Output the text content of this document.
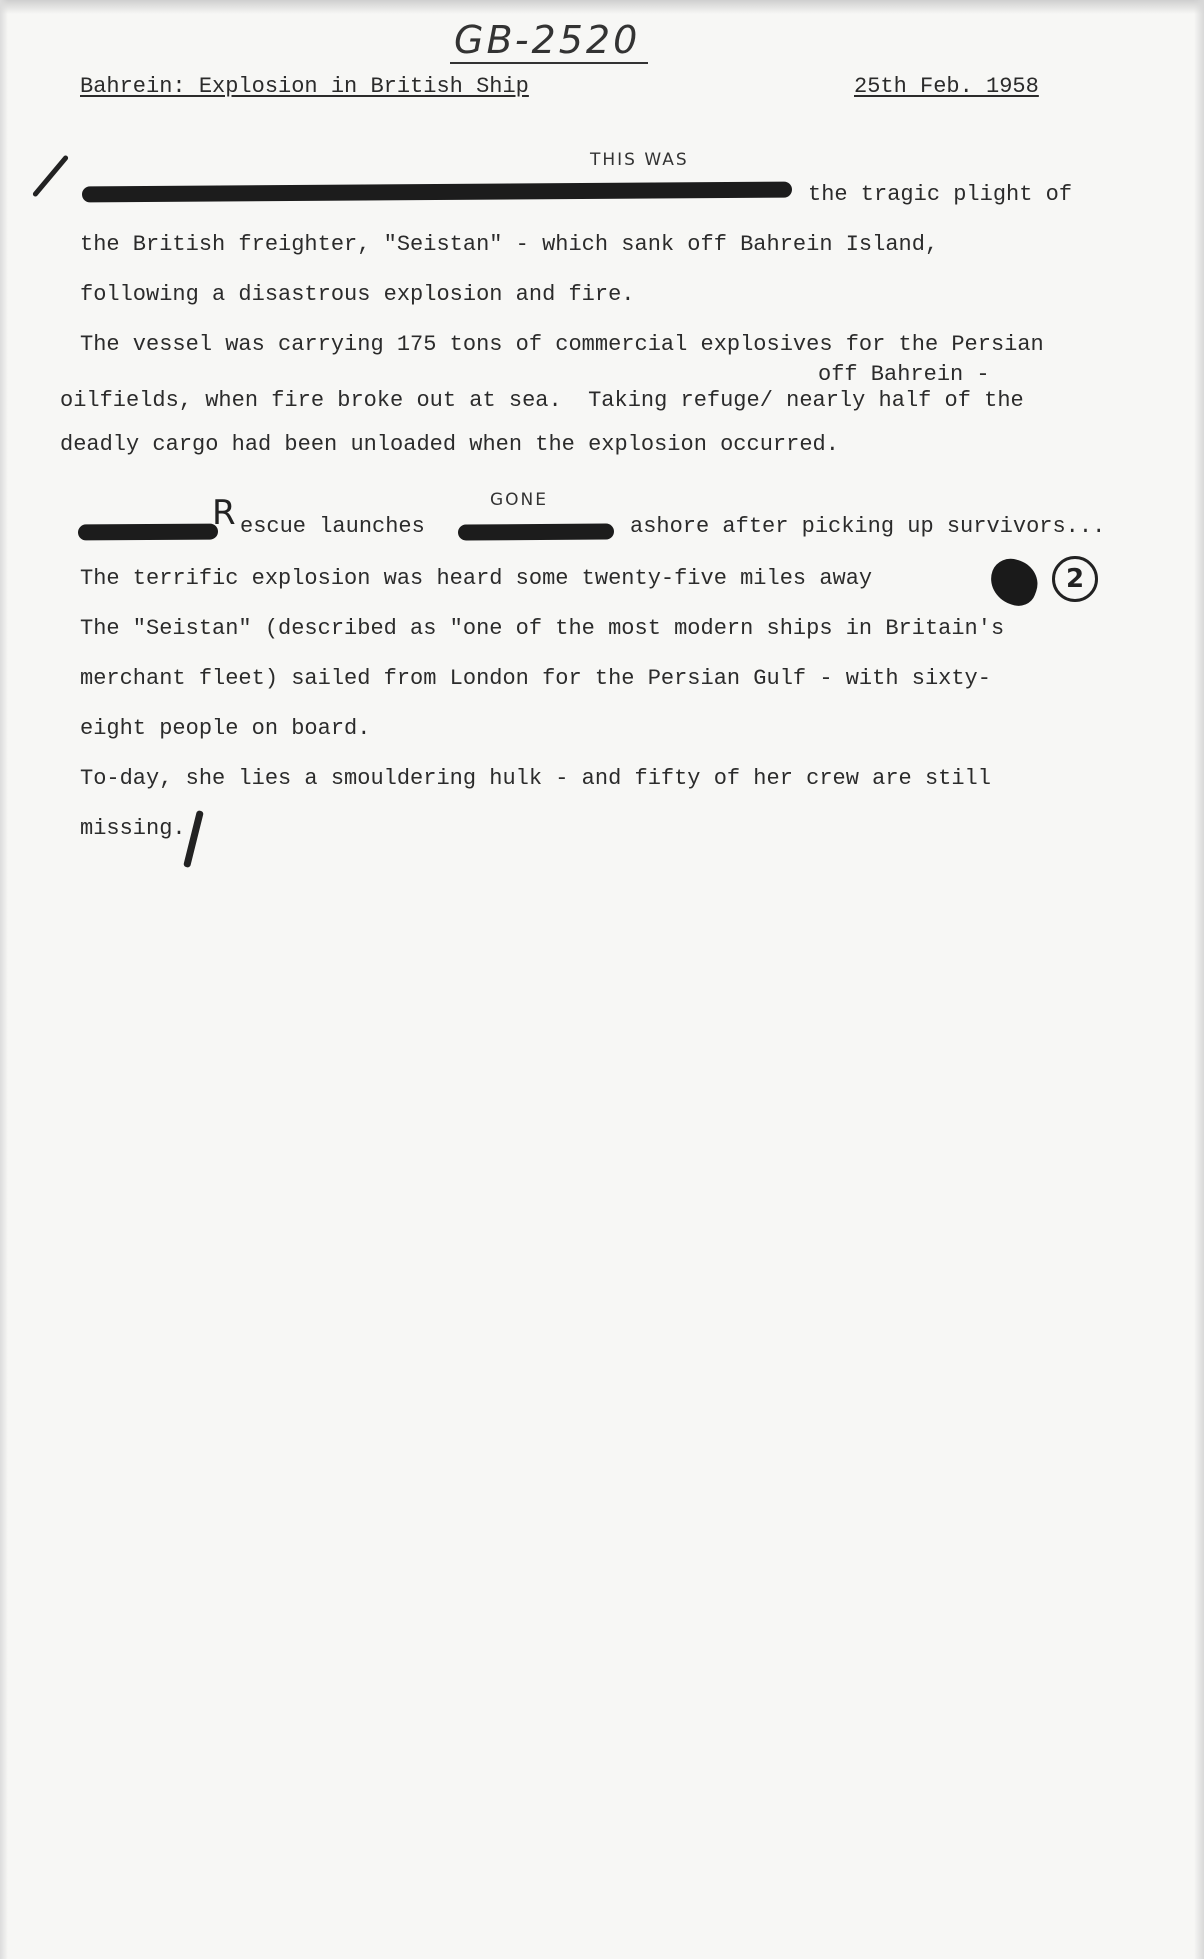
GB-2520
Bahrein: Explosion in British Ship	25th Feb. 1958
THIS WAS
the tragic plight of
the British freighter, "Seistan" - which sank off Bahrein Island,
following a disastrous explosion and fire.
The vessel was carrying 175 tons of commercial explosives for the Persian
off Bahrein -
oilfields, when fire broke out at sea.  Taking refuge/ nearly half of the
deadly cargo had been unloaded when the explosion occurred.
R escue launches
GONE
ashore after picking up survivors...
The terrific explosion was heard some twenty-five miles away	2
The "Seistan" (described as "one of the most modern ships in Britain's
merchant fleet) sailed from London for the Persian Gulf - with sixty-
eight people on board.
To-day, she lies a smouldering hulk - and fifty of her crew are still
missing.
